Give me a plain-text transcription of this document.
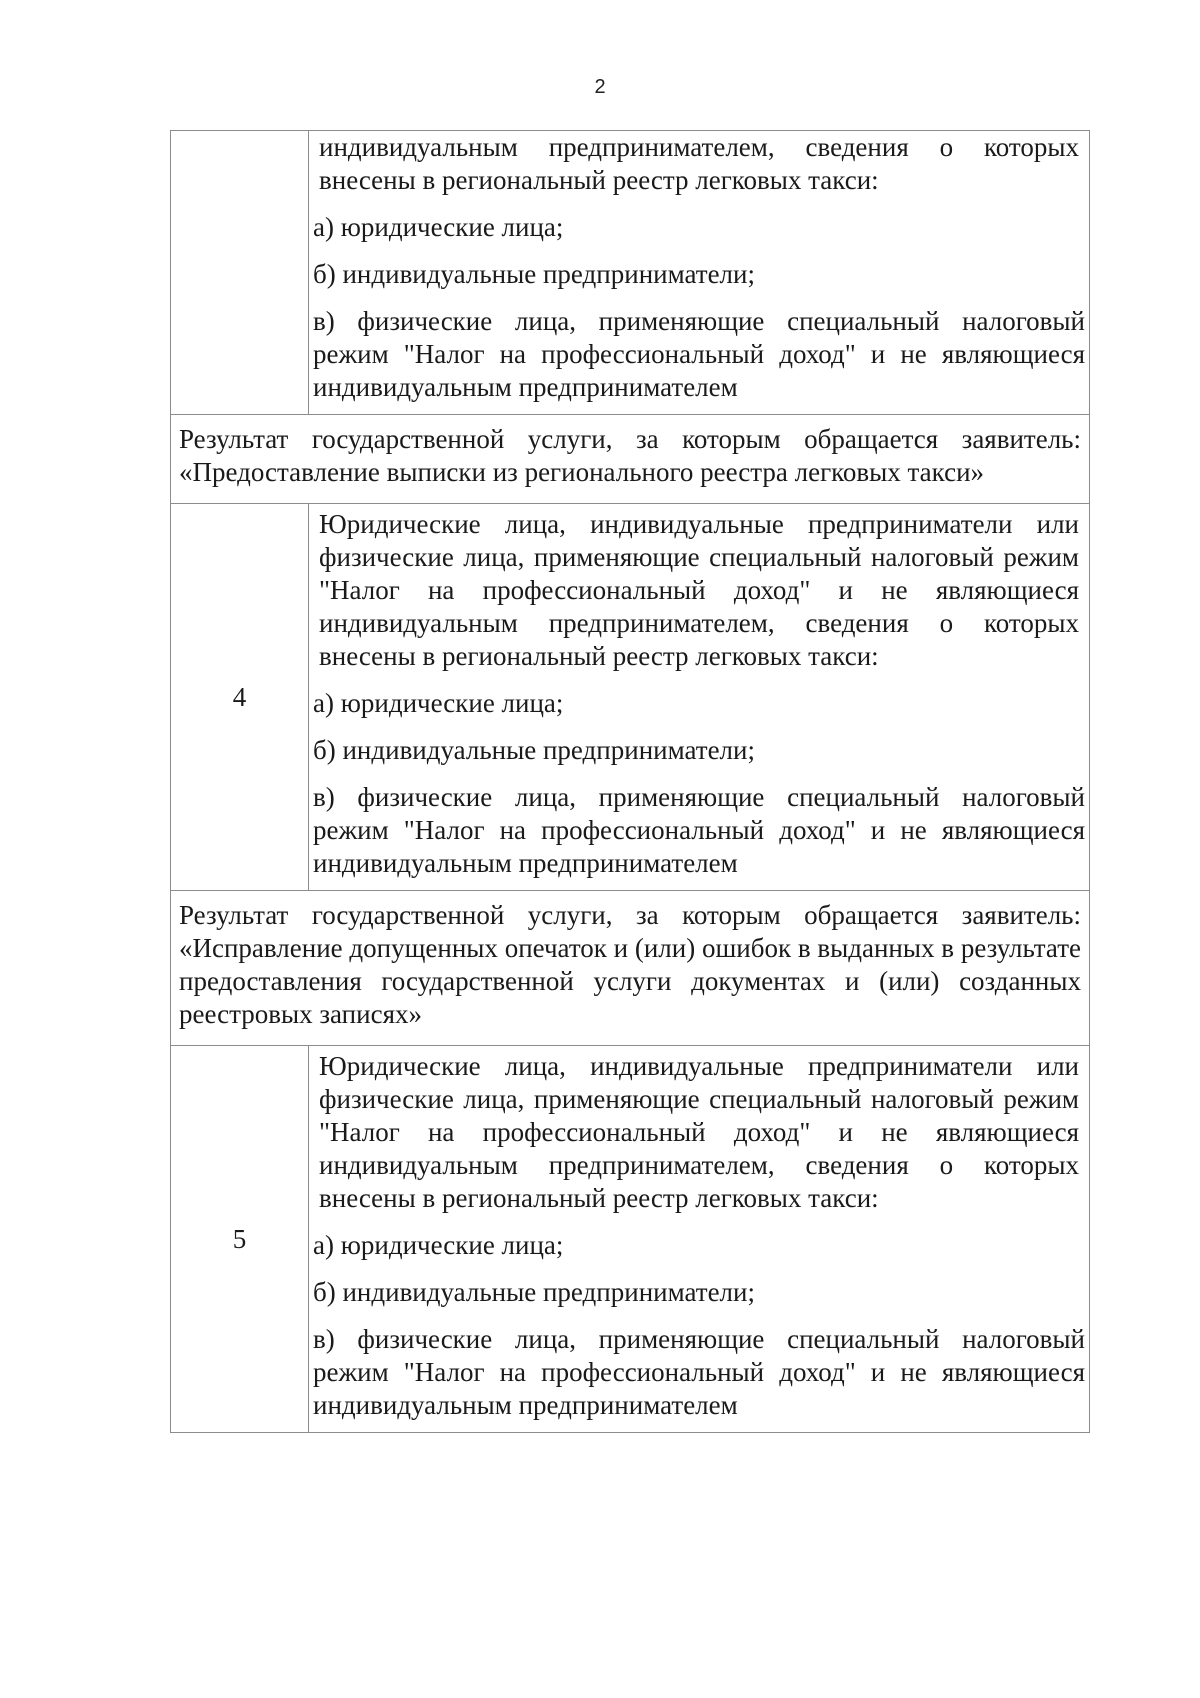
2

	индивидуальным предпринимателем, сведения о которых внесены в региональный реестр легковых такси:

а) юридические лица;

б) индивидуальные предприниматели;

в) физические лица, применяющие специальный налоговый режим "Налог на профессиональный доход" и не являющиеся индивидуальным предпринимателем

Результат государственной услуги, за которым обращается заявитель: «Предоставление выписки из регионального реестра легковых такси»	
4	Юридические лица, индивидуальные предприниматели или физические лица, применяющие специальный налоговый режим "Налог на профессиональный доход" и не являющиеся индивидуальным предпринимателем, сведения о которых внесены в региональный реестр легковых такси:

а) юридические лица;

б) индивидуальные предприниматели;

в) физические лица, применяющие специальный налоговый режим "Налог на профессиональный доход" и не являющиеся индивидуальным предпринимателем

Результат государственной услуги, за которым обращается заявитель: «Исправление допущенных опечаток и (или) ошибок в выданных в результате предоставления государственной услуги документах и (или) созданных реестровых записях»	
5	Юридические лица, индивидуальные предприниматели или физические лица, применяющие специальный налоговый режим "Налог на профессиональный доход" и не являющиеся индивидуальным предпринимателем, сведения о которых внесены в региональный реестр легковых такси:

а) юридические лица;

б) индивидуальные предприниматели;

в) физические лица, применяющие специальный налоговый режим "Налог на профессиональный доход" и не являющиеся индивидуальным предпринимателем
